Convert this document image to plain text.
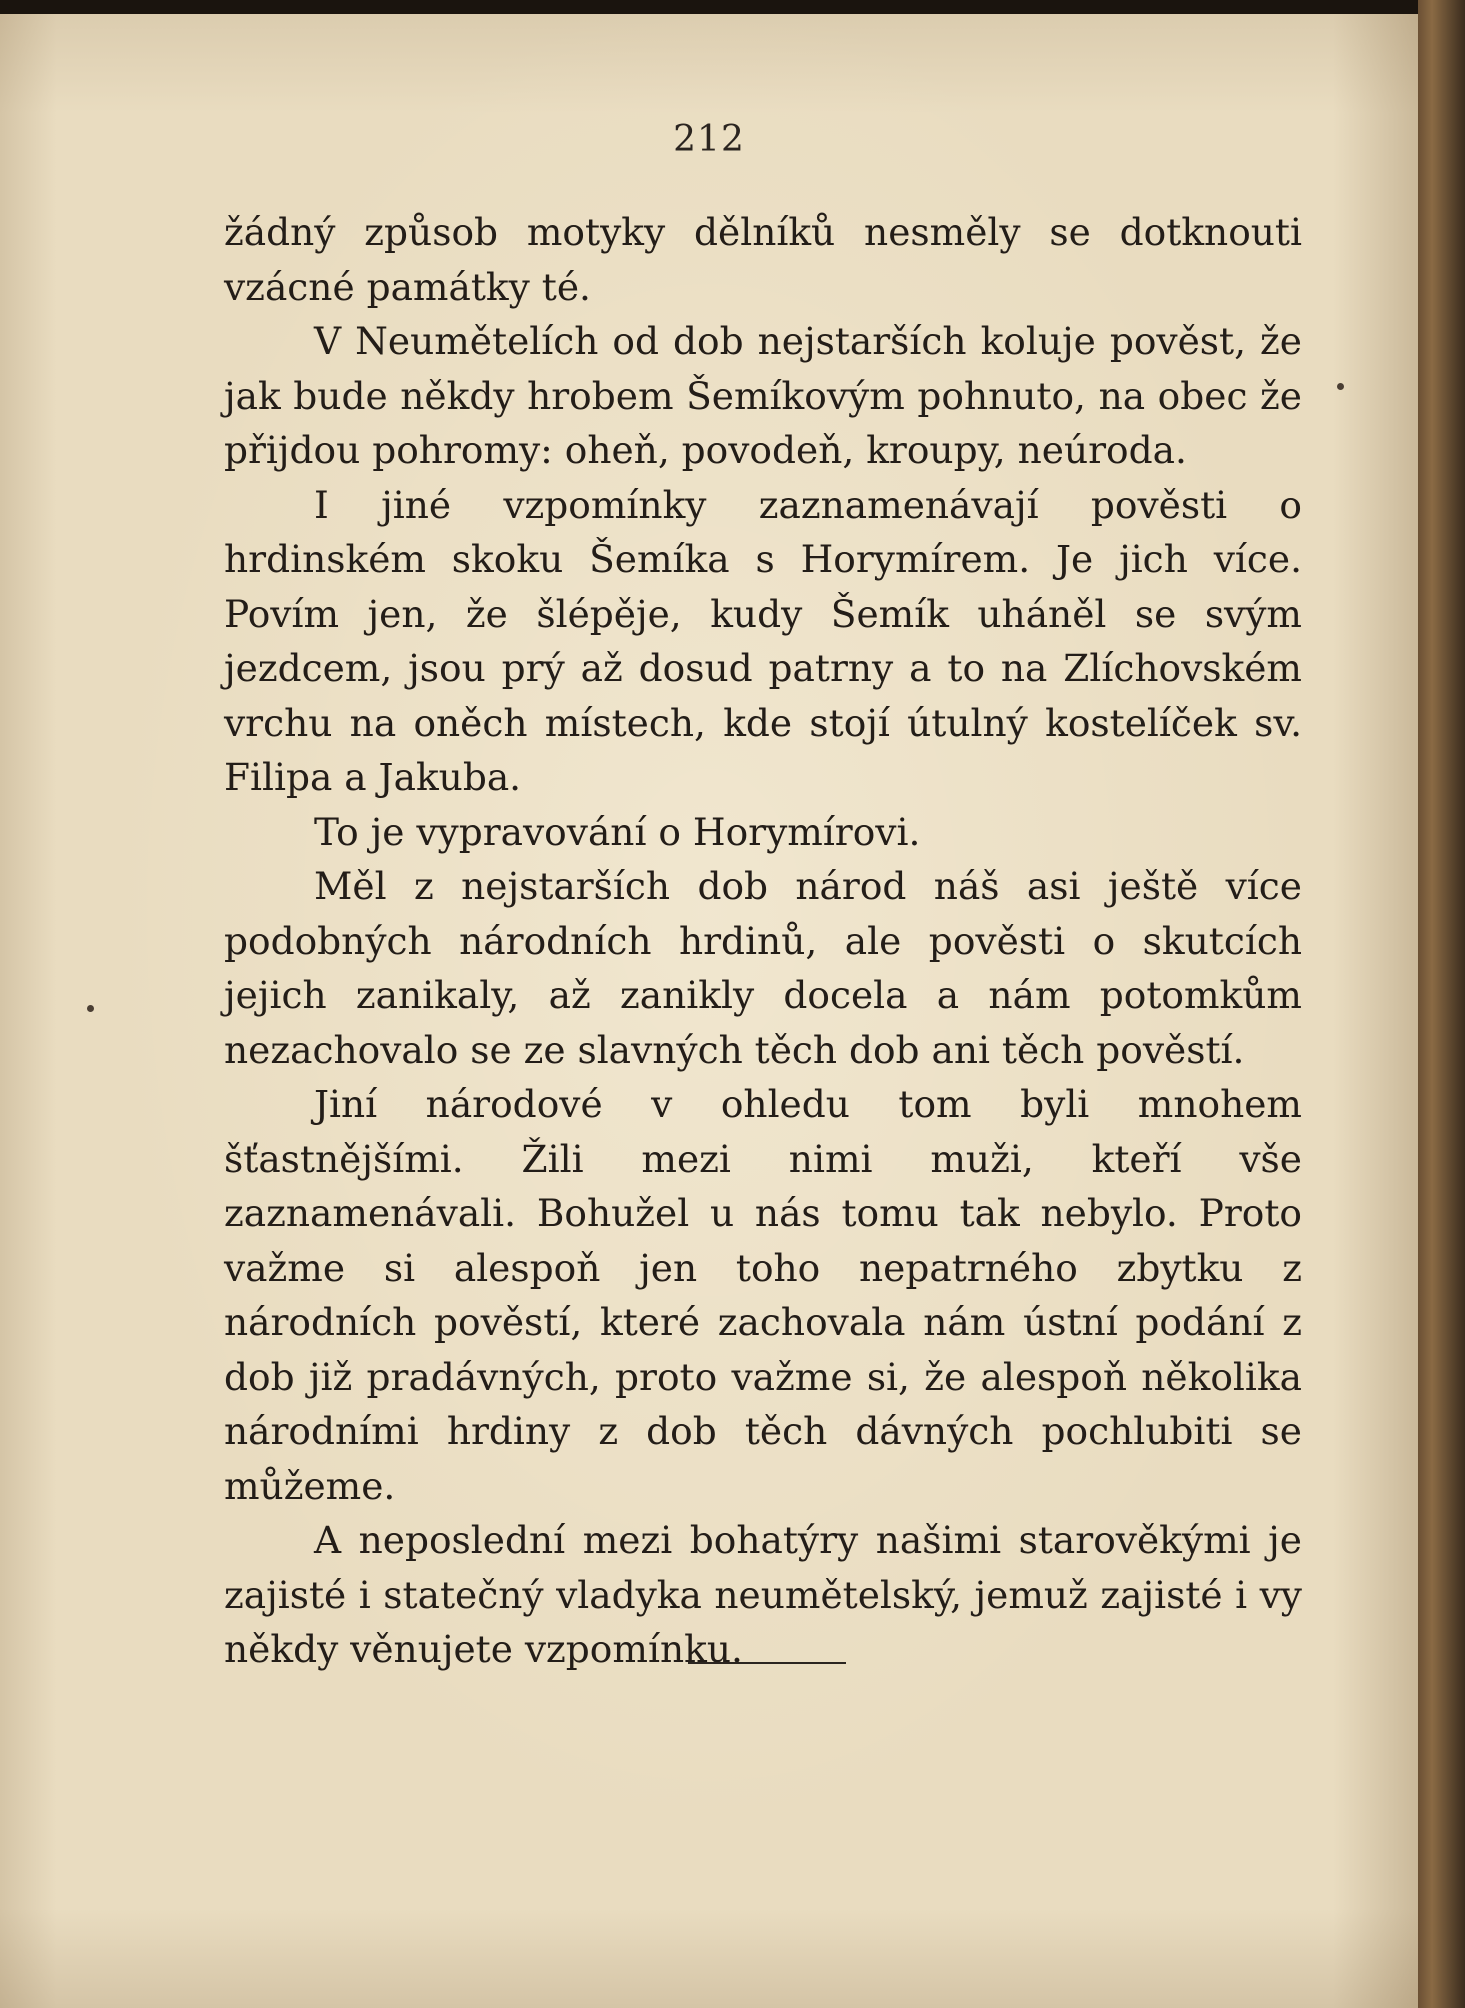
212

žádný způsob motyky dělníků nesměly se dotknouti vzácné památky té.

V Neumětelích od dob nejstarších koluje pověst, že jak bude někdy hrobem Šemíkovým pohnuto, na obec že přijdou pohromy: oheň, povodeň, kroupy, neúroda.

I jiné vzpomínky zaznamenávají pověsti o hrdinském skoku Šemíka s Horymírem. Je jich více. Povím jen, že šlépěje, kudy Šemík uháněl se svým jezdcem, jsou prý až dosud patrny a to na Zlíchovském vrchu na oněch místech, kde stojí útulný kostelíček sv. Filipa a Jakuba.

To je vypravování o Horymírovi.

Měl z nejstarších dob národ náš asi ještě více podobných národních hrdinů, ale pověsti o skutcích jejich zanikaly, až zanikly docela a nám potomkům nezachovalo se ze slavných těch dob ani těch pověstí.

Jiní národové v ohledu tom byli mnohem šťastnějšími. Žili mezi nimi muži, kteří vše zaznamenávali. Bohužel u nás tomu tak nebylo. Proto važme si alespoň jen toho nepatrného zbytku z národních pověstí, které zachovala nám ústní podání z dob již pradávných, proto važme si, že alespoň několika národními hrdiny z dob těch dávných pochlubiti se můžeme.

A neposlední mezi bohatýry našimi starověkými je zajisté i statečný vladyka neumětelský, jemuž zajisté i vy někdy věnujete vzpomínku.
